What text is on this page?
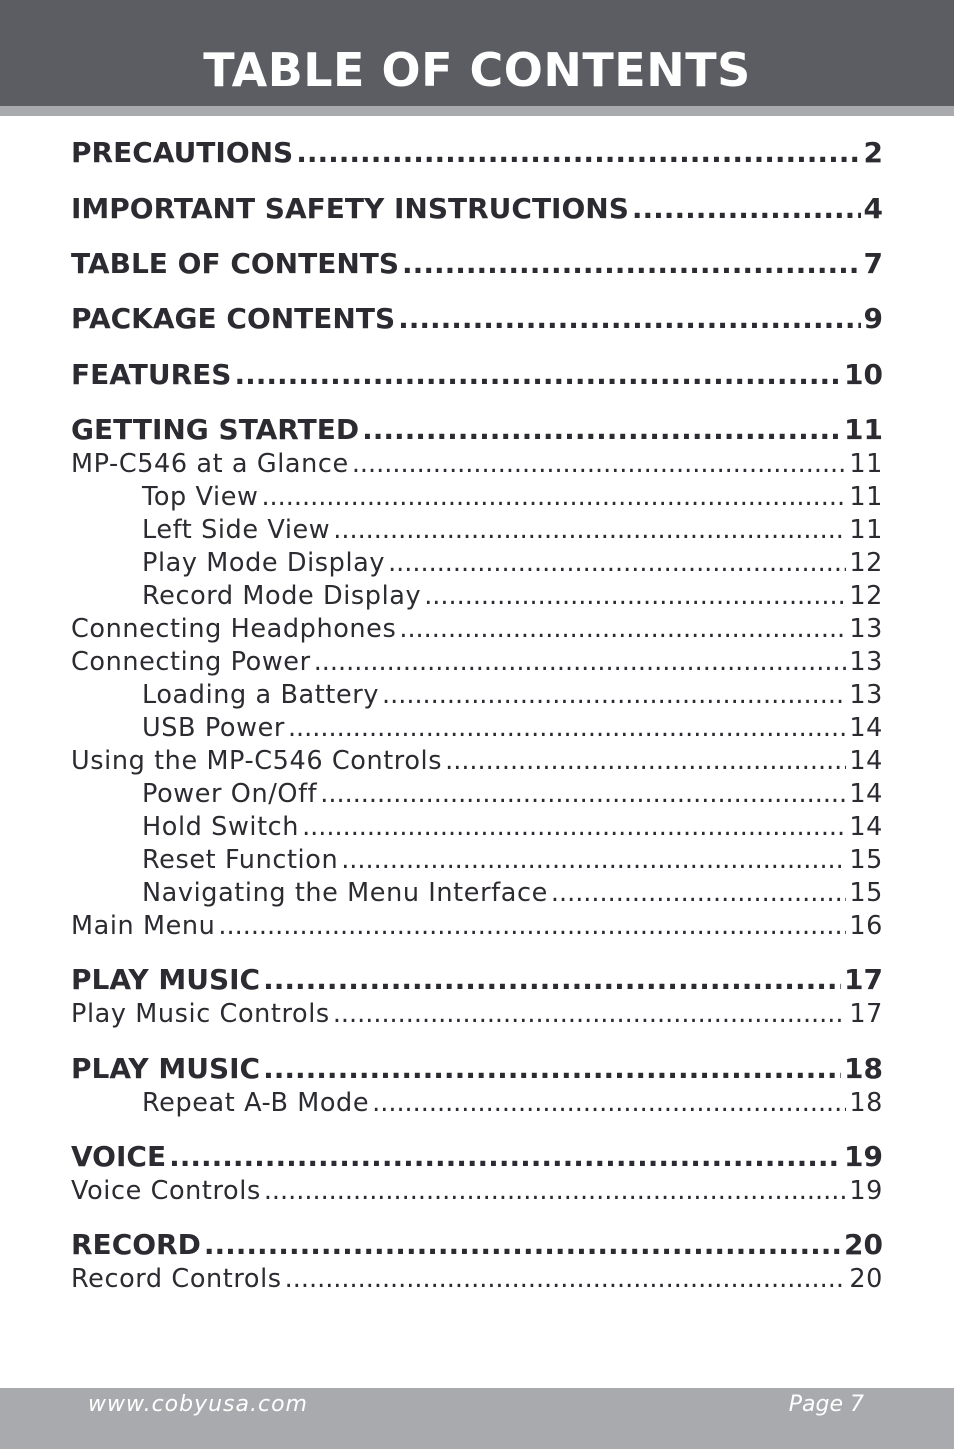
TABLE OF CONTENTS
PRECAUTIONS .....	2
IMPORTANT SAFETY INSTRUCTIONS .....	4
TABLE OF CONTENTS .....	7
PACKAGE CONTENTS .....	9
FEATURES .....	10
GETTING STARTED .....	11
MP-C546 at a Glance .....	11
Top View .....	11
Left Side View .....	11
Play Mode Display .....	12
Record Mode Display .....	12
Connecting Headphones .....	13
Connecting Power .....	13
Loading a Battery .....	13
USB Power .....	14
Using the MP-C546 Controls .....	14
Power On/Off .....	14
Hold Switch .....	14
Reset Function .....	15
Navigating the Menu Interface .....	15
Main Menu .....	16
PLAY MUSIC .....	17
Play Music Controls .....	17
PLAY MUSIC .....	18
Repeat A-B Mode .....	18
VOICE .....	19
Voice Controls .....	19
RECORD .....	20
Record Controls .....	20
www.cobyusa.com	Page 7
